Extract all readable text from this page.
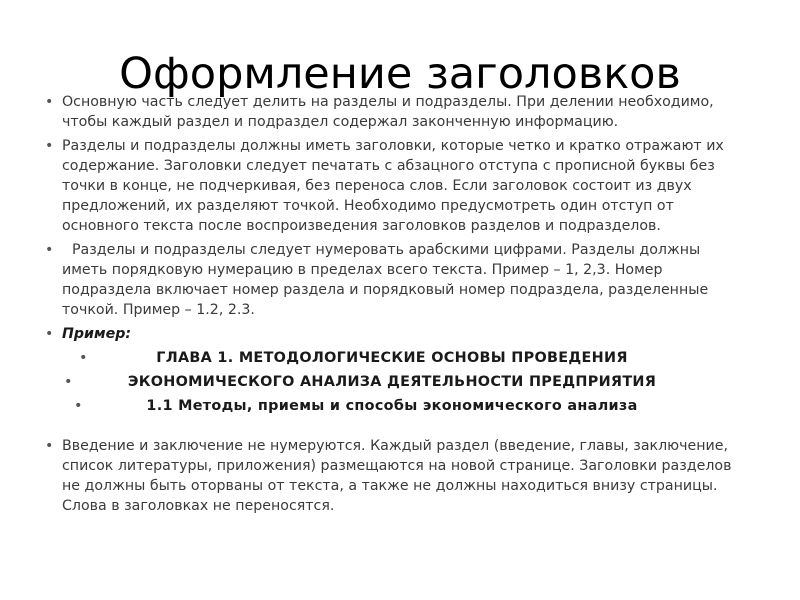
Оформление заголовков
• Основную часть следует делить на разделы и подразделы. При делении необходимо, чтобы каждый раздел и подраздел содержал законченную информацию.
• Разделы и подразделы должны иметь заголовки, которые четко и кратко отражают их содержание. Заголовки следует печатать с абзацного отступа с прописной буквы без точки в конце, не подчеркивая, без переноса слов. Если заголовок состоит из двух предложений, их разделяют точкой. Необходимо предусмотреть один отступ от основного текста после воспроизведения заголовков разделов и подразделов.
•	Разделы и подразделы следует нумеровать арабскими цифрами. Разделы должны иметь порядковую нумерацию в пределах всего текста. Пример – 1, 2,3. Номер подраздела включает номер раздела и порядковый номер подраздела, разделенные точкой. Пример – 1.2, 2.3.
• Пример:
•	ГЛАВА 1. МЕТОДОЛОГИЧЕСКИЕ ОСНОВЫ ПРОВЕДЕНИЯ
•	ЭКОНОМИЧЕСКОГО АНАЛИЗА ДЕЯТЕЛЬНОСТИ ПРЕДПРИЯТИЯ
•	1.1 Методы, приемы и способы экономического анализа
• Введение и заключение не нумеруются. Каждый раздел (введение, главы, заключение, список литературы, приложения) размещаются на новой странице. Заголовки разделов не должны быть оторваны от текста, а также не должны находиться внизу страницы. Слова в заголовках не переносятся.
